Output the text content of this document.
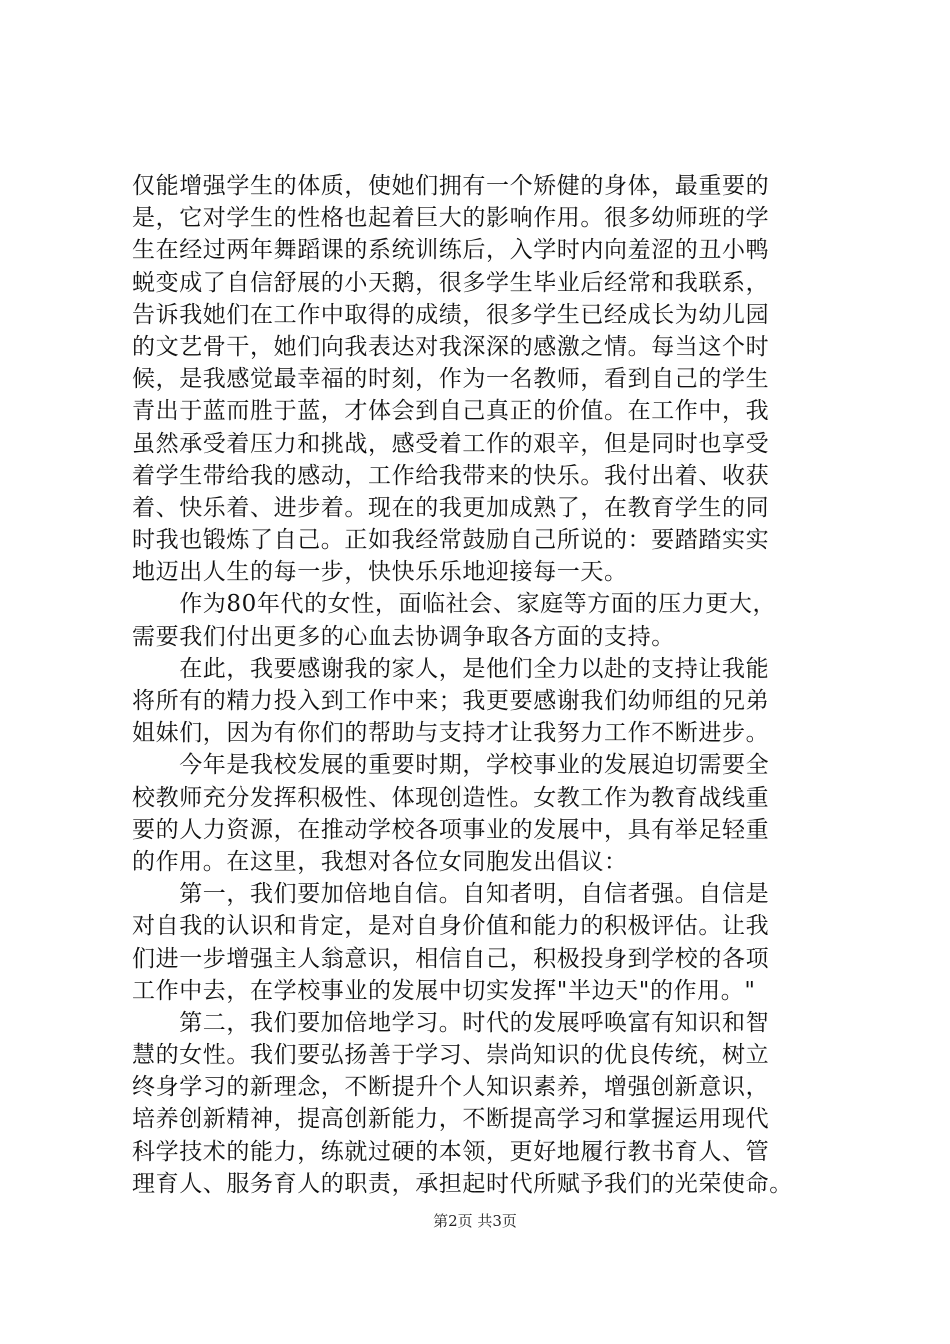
仅能增强学生的体质，使她们拥有一个矫健的身体，最重要的
是，它对学生的性格也起着巨大的影响作用。很多幼师班的学
生在经过两年舞蹈课的系统训练后，入学时内向羞涩的丑小鸭
蜕变成了自信舒展的小天鹅，很多学生毕业后经常和我联系，
告诉我她们在工作中取得的成绩，很多学生已经成长为幼儿园
的文艺骨干，她们向我表达对我深深的感激之情。每当这个时
候，是我感觉最幸福的时刻，作为一名教师，看到自己的学生
青出于蓝而胜于蓝，才体会到自己真正的价值。在工作中，我
虽然承受着压力和挑战，感受着工作的艰辛，但是同时也享受
着学生带给我的感动，工作给我带来的快乐。我付出着、收获
着、快乐着、进步着。现在的我更加成熟了，在教育学生的同
时我也锻炼了自己。正如我经常鼓励自己所说的：要踏踏实实
地迈出人生的每一步，快快乐乐地迎接每一天。
　　作为80年代的女性，面临社会、家庭等方面的压力更大，
需要我们付出更多的心血去协调争取各方面的支持。
　　在此，我要感谢我的家人，是他们全力以赴的支持让我能
将所有的精力投入到工作中来；我更要感谢我们幼师组的兄弟
姐妹们，因为有你们的帮助与支持才让我努力工作不断进步。
　　今年是我校发展的重要时期，学校事业的发展迫切需要全
校教师充分发挥积极性、体现创造性。女教工作为教育战线重
要的人力资源，在推动学校各项事业的发展中，具有举足轻重
的作用。在这里，我想对各位女同胞发出倡议：
　　第一，我们要加倍地自信。自知者明，自信者强。自信是
对自我的认识和肯定，是对自身价值和能力的积极评估。让我
们进一步增强主人翁意识，相信自己，积极投身到学校的各项
工作中去，在学校事业的发展中切实发挥"半边天"的作用。"
　　第二，我们要加倍地学习。时代的发展呼唤富有知识和智
慧的女性。我们要弘扬善于学习、崇尚知识的优良传统，树立
终身学习的新理念，不断提升个人知识素养，增强创新意识，
培养创新精神，提高创新能力，不断提高学习和掌握运用现代
科学技术的能力，练就过硬的本领，更好地履行教书育人、管
理育人、服务育人的职责，承担起时代所赋予我们的光荣使命。
第2页 共3页
